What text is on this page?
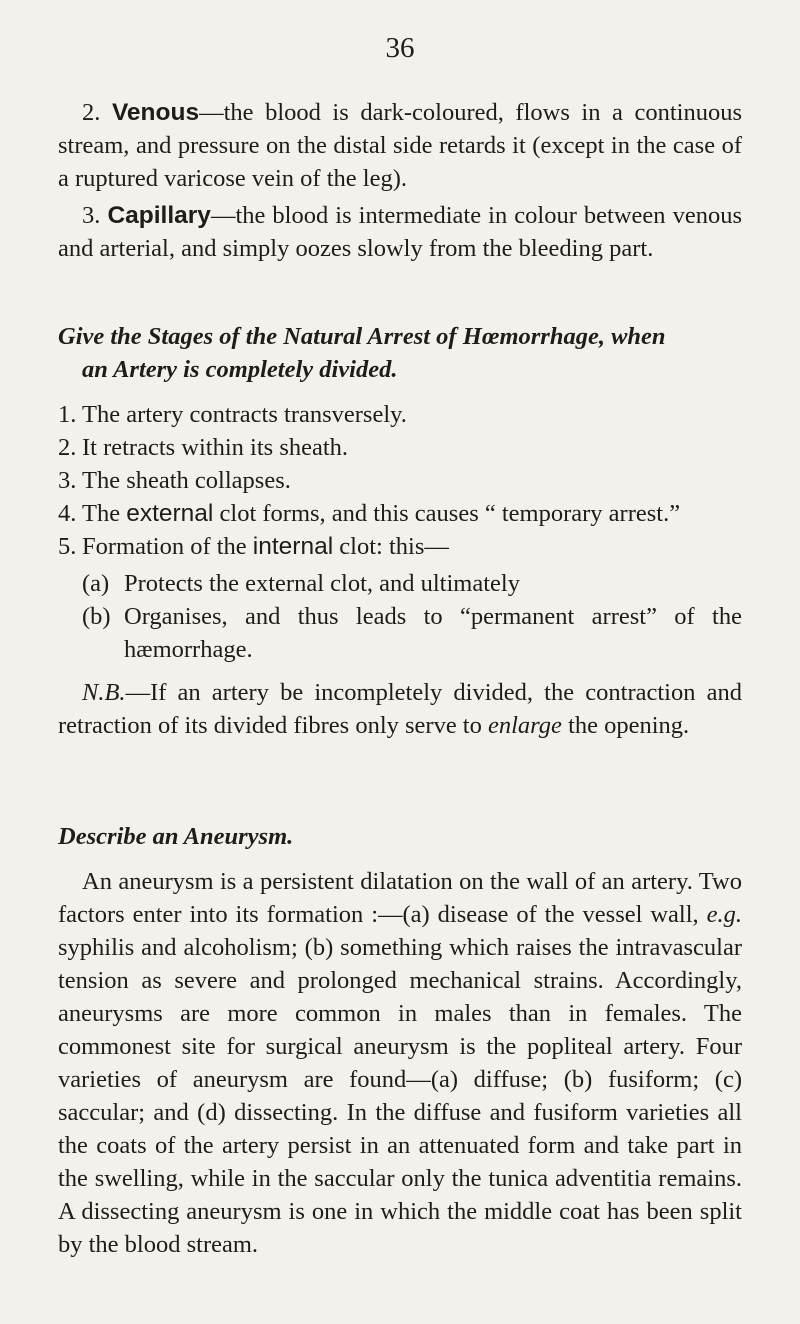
36

2. Venous—the blood is dark-coloured, flows in a continuous stream, and pressure on the distal side retards it (except in the case of a ruptured varicose vein of the leg).

3. Capillary—the blood is intermediate in colour between venous and arterial, and simply oozes slowly from the bleeding part.

Give the Stages of the Natural Arrest of Hœmorrhage, when
an Artery is completely divided.

1. The artery contracts transversely.

2. It retracts within its sheath.

3. The sheath collapses.

4. The external clot forms, and this causes “ temporary arrest.”

5. Formation of the internal clot: this—

(a) Protects the external clot, and ultimately

(b) Organises, and thus leads to “permanent arrest” of the hæmorrhage.

N.B.—If an artery be incompletely divided, the contraction and retraction of its divided fibres only serve to enlarge the opening.

Describe an Aneurysm.

An aneurysm is a persistent dilatation on the wall of an artery. Two factors enter into its formation :—(a) disease of the vessel wall, e.g. syphilis and alcoholism; (b) something which raises the intravascular tension as severe and prolonged mechanical strains. Accordingly, aneurysms are more common in males than in females. The commonest site for surgical aneurysm is the popliteal artery. Four varieties of aneurysm are found—(a) diffuse; (b) fusiform; (c) saccular; and (d) dissecting. In the diffuse and fusiform varieties all the coats of the artery persist in an attenuated form and take part in the swelling, while in the saccular only the tunica adventitia remains. A dissecting aneurysm is one in which the middle coat has been split by the blood stream.
